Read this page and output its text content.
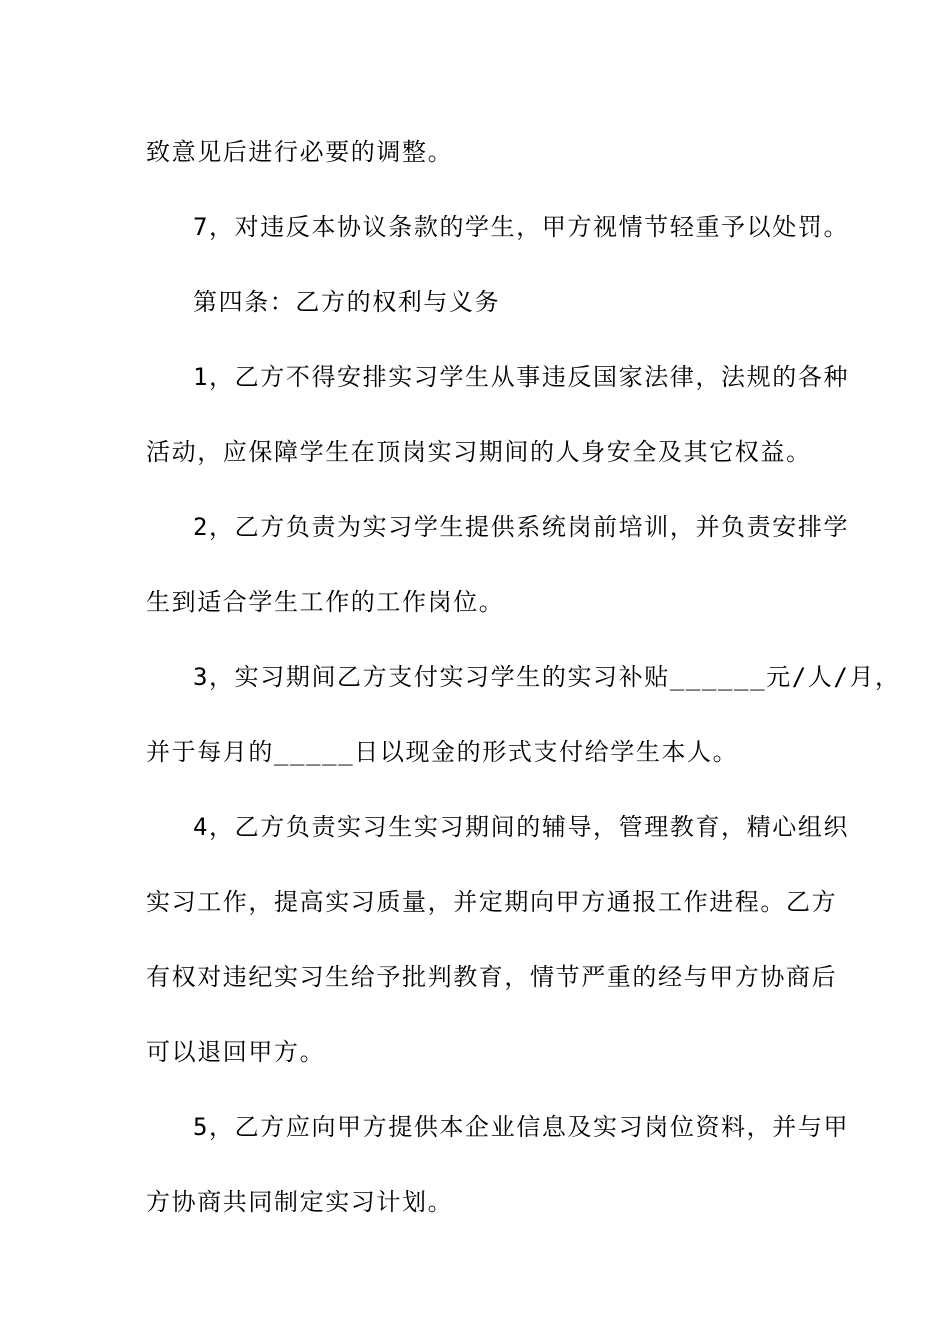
致意见后进行必要的调整。
7，对违反本协议条款的学生，甲方视情节轻重予以处罚。
第四条：乙方的权利与义务
1，乙方不得安排实习学生从事违反国家法律，法规的各种
活动，应保障学生在顶岗实习期间的人身安全及其它权益。
2，乙方负责为实习学生提供系统岗前培训，并负责安排学
生到适合学生工作的工作岗位。
3，实习期间乙方支付实习学生的实习补贴______元/人/月，
并于每月的_____日以现金的形式支付给学生本人。
4，乙方负责实习生实习期间的辅导，管理教育，精心组织
实习工作，提高实习质量，并定期向甲方通报工作进程。乙方
有权对违纪实习生给予批判教育，情节严重的经与甲方协商后
可以退回甲方。
5，乙方应向甲方提供本企业信息及实习岗位资料，并与甲
方协商共同制定实习计划。
